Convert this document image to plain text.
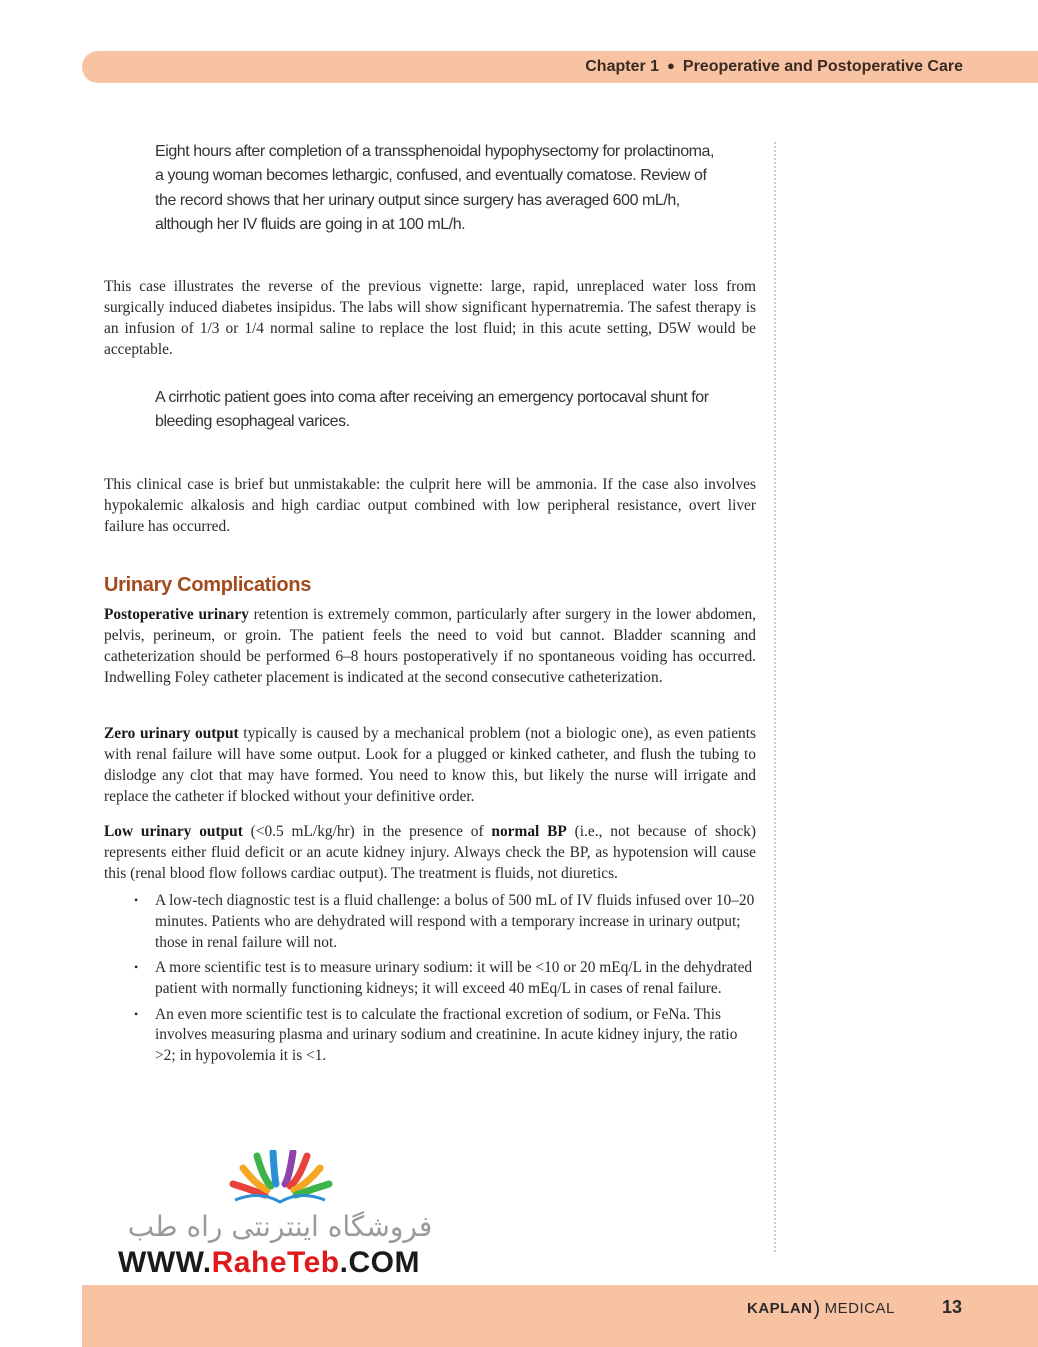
Chapter 1 ● Preoperative and Postoperative Care
Eight hours after completion of a transsphenoidal hypophysectomy for prolactinoma, a young woman becomes lethargic, confused, and eventually comatose. Review of the record shows that her urinary output since surgery has averaged 600 mL/h, although her IV fluids are going in at 100 mL/h.
This case illustrates the reverse of the previous vignette: large, rapid, unreplaced water loss from surgically induced diabetes insipidus. The labs will show significant hypernatremia. The safest therapy is an infusion of 1/3 or 1/4 normal saline to replace the lost fluid; in this acute setting, D5W would be acceptable.
A cirrhotic patient goes into coma after receiving an emergency portocaval shunt for bleeding esophageal varices.
This clinical case is brief but unmistakable: the culprit here will be ammonia. If the case also involves hypokalemic alkalosis and high cardiac output combined with low peripheral resistance, overt liver failure has occurred.
Urinary Complications
Postoperative urinary retention is extremely common, particularly after surgery in the lower abdomen, pelvis, perineum, or groin. The patient feels the need to void but cannot. Bladder scanning and catheterization should be performed 6–8 hours postoperatively if no spontaneous voiding has occurred. Indwelling Foley catheter placement is indicated at the second consecutive catheterization.
Zero urinary output typically is caused by a mechanical problem (not a biologic one), as even patients with renal failure will have some output. Look for a plugged or kinked catheter, and flush the tubing to dislodge any clot that may have formed. You need to know this, but likely the nurse will irrigate and replace the catheter if blocked without your definitive order.
Low urinary output (<0.5 mL/kg/hr) in the presence of normal BP (i.e., not because of shock) represents either fluid deficit or an acute kidney injury. Always check the BP, as hypotension will cause this (renal blood flow follows cardiac output). The treatment is fluids, not diuretics.
• A low-tech diagnostic test is a fluid challenge: a bolus of 500 mL of IV fluids infused over 10–20 minutes. Patients who are dehydrated will respond with a temporary increase in urinary output; those in renal failure will not.
• A more scientific test is to measure urinary sodium: it will be <10 or 20 mEq/L in the dehydrated patient with normally functioning kidneys; it will exceed 40 mEq/L in cases of renal failure.
• An even more scientific test is to calculate the fractional excretion of sodium, or FeNa. This involves measuring plasma and urinary sodium and creatinine. In acute kidney injury, the ratio >2; in hypovolemia it is <1.
فروشگاه اینترنتی راه طب
WWW.RaheTeb.COM
KAPLAN) MEDICAL	13
